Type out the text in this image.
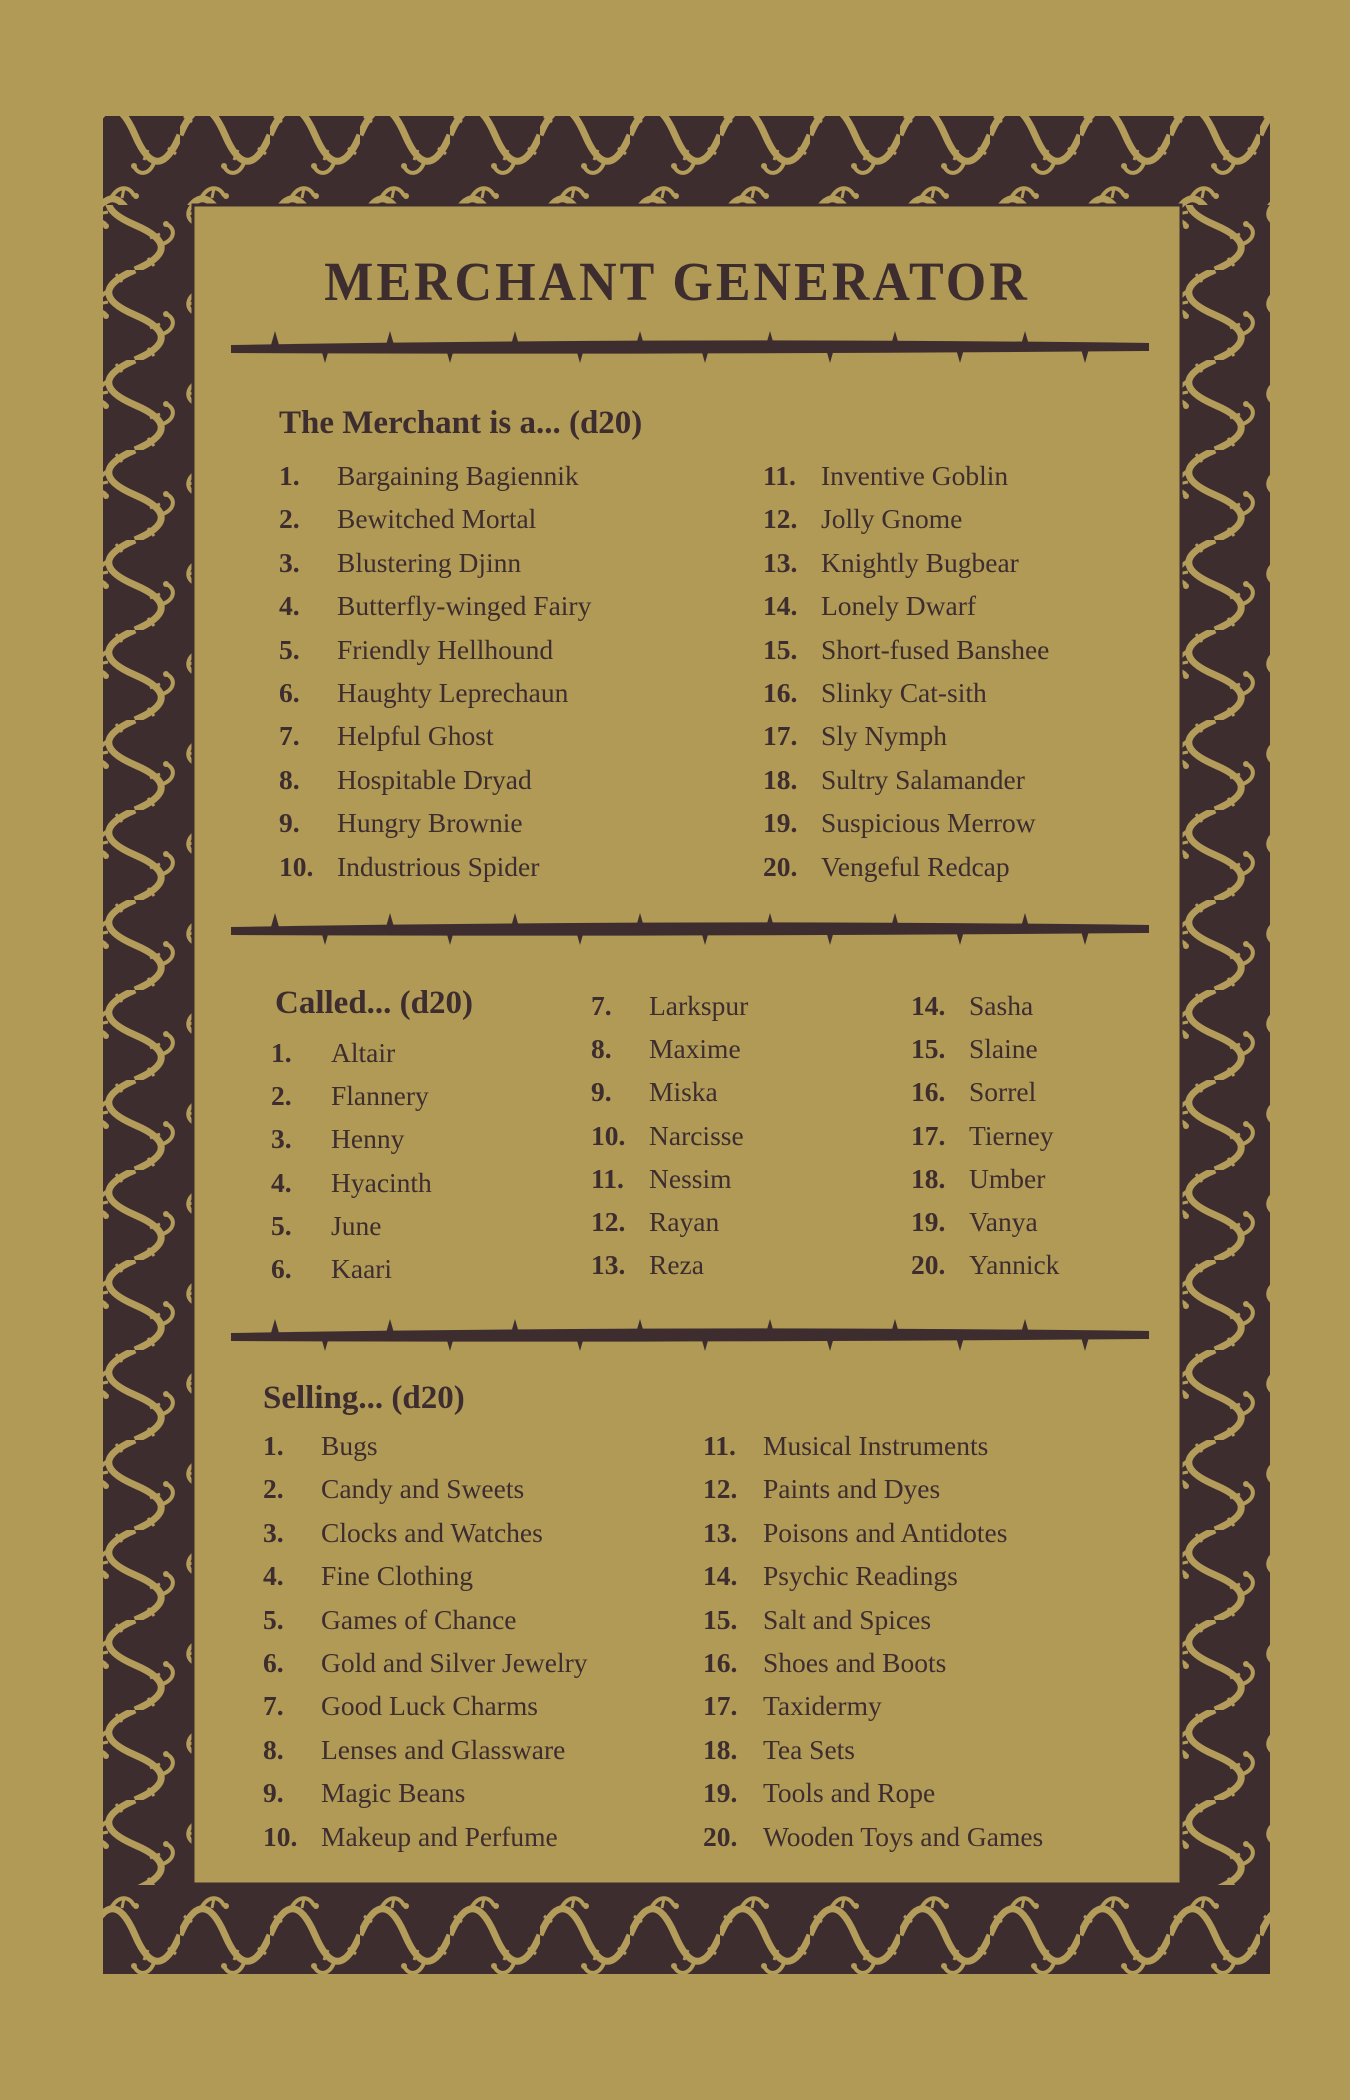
MERCHANT GENERATOR
The Merchant is a... (d20)
1.	Bargaining Bagiennik
2.	Bewitched Mortal
3.	Blustering Djinn
4.	Butterfly-winged Fairy
5.	Friendly Hellhound
6.	Haughty Leprechaun
7.	Helpful Ghost
8.	Hospitable Dryad
9.	Hungry Brownie
10. Industrious Spider
11. Inventive Goblin
12. Jolly Gnome
13. Knightly Bugbear
14. Lonely Dwarf
15. Short-fused Banshee
16. Slinky Cat-sith
17. Sly Nymph
18. Sultry Salamander
19. Suspicious Merrow
20. Vengeful Redcap
Called... (d20)
1.	Altair
2.	Flannery
3.	Henny
4.	Hyacinth
5.	June
6.	Kaari
7.	Larkspur
8.	Maxime
9.	Miska
10. Narcisse
11. Nessim
12. Rayan
13. Reza
14. Sasha
15. Slaine
16. Sorrel
17. Tierney
18. Umber
19. Vanya
20. Yannick
Selling... (d20)
1.	Bugs
2.	Candy and Sweets
3.	Clocks and Watches
4.	Fine Clothing
5.	Games of Chance
6.	Gold and Silver Jewelry
7.	Good Luck Charms
8.	Lenses and Glassware
9.	Magic Beans
10. Makeup and Perfume
11. Musical Instruments
12. Paints and Dyes
13. Poisons and Antidotes
14. Psychic Readings
15. Salt and Spices
16. Shoes and Boots
17. Taxidermy
18. Tea Sets
19. Tools and Rope
20. Wooden Toys and Games
